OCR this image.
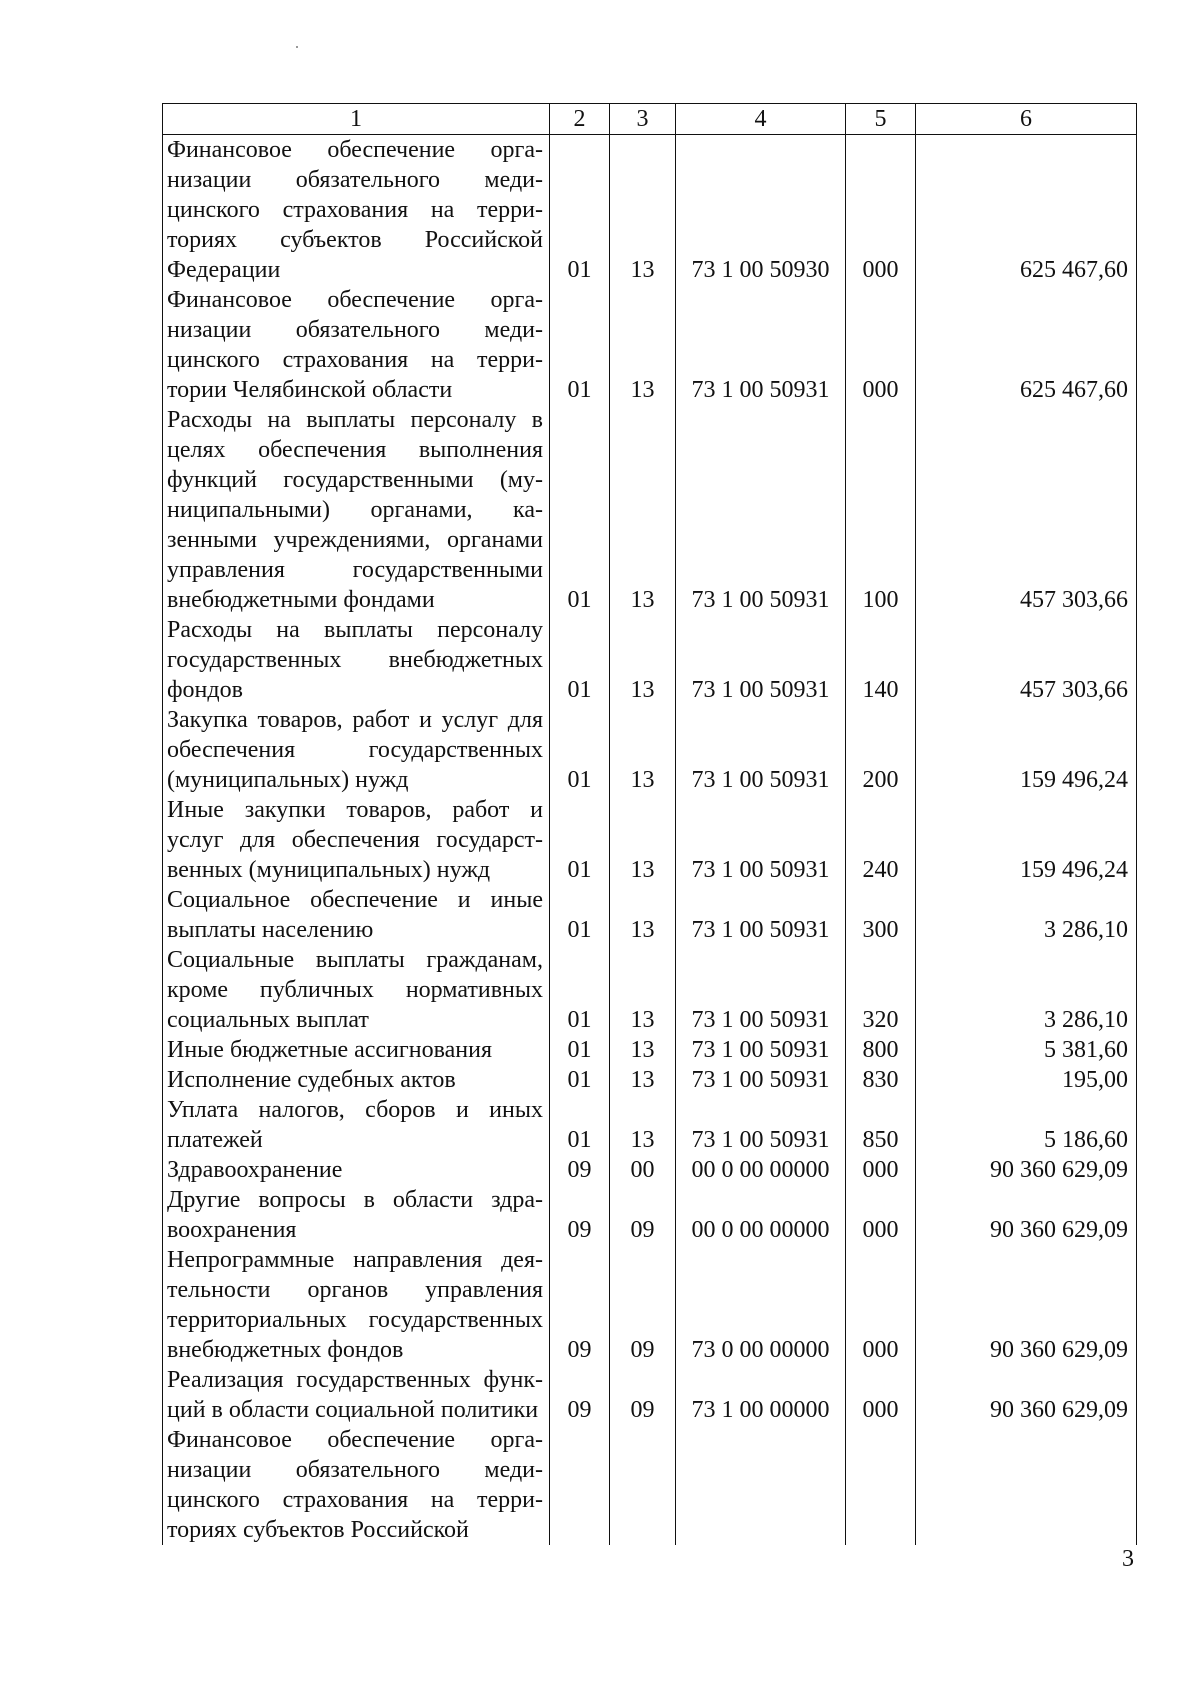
1	2	3	4	5	6
Финансовое обеспечение организации обязательного медицинского страхования на территориях субъектов Российской Федерации	01	13	73 1 00 50930	000	625 467,60
Финансовое обеспечение организации обязательного медицинского страхования на территории Челябинской области	01	13	73 1 00 50931	000	625 467,60
Расходы на выплаты персоналу в целях обеспечения выполнения функций государственными (муниципальными) органами, казенными учреждениями, органами управления государственными внебюджетными фондами	01	13	73 1 00 50931	100	457 303,66
Расходы на выплаты персоналу государственных внебюджетных фондов	01	13	73 1 00 50931	140	457 303,66
Закупка товаров, работ и услуг для обеспечения государственных (муниципальных) нужд	01	13	73 1 00 50931	200	159 496,24
Иные закупки товаров, работ и услуг для обеспечения государственных (муниципальных) нужд	01	13	73 1 00 50931	240	159 496,24
Социальное обеспечение и иные выплаты населению	01	13	73 1 00 50931	300	3 286,10
Социальные выплаты гражданам, кроме публичных нормативных социальных выплат	01	13	73 1 00 50931	320	3 286,10
Иные бюджетные ассигнования	01	13	73 1 00 50931	800	5 381,60
Исполнение судебных актов	01	13	73 1 00 50931	830	195,00
Уплата налогов, сборов и иных платежей	01	13	73 1 00 50931	850	5 186,60
Здравоохранение	09	00	00 0 00 00000	000	90 360 629,09
Другие вопросы в области здравоохранения	09	09	00 0 00 00000	000	90 360 629,09
Непрограммные направления деятельности органов управления территориальных государственных внебюджетных фондов	09	09	73 0 00 00000	000	90 360 629,09
Реализация государственных функций в области социальной политики	09	09	73 1 00 00000	000	90 360 629,09
Финансовое обеспечение организации обязательного медицинского страхования на территориях субъектов Российской					
3
